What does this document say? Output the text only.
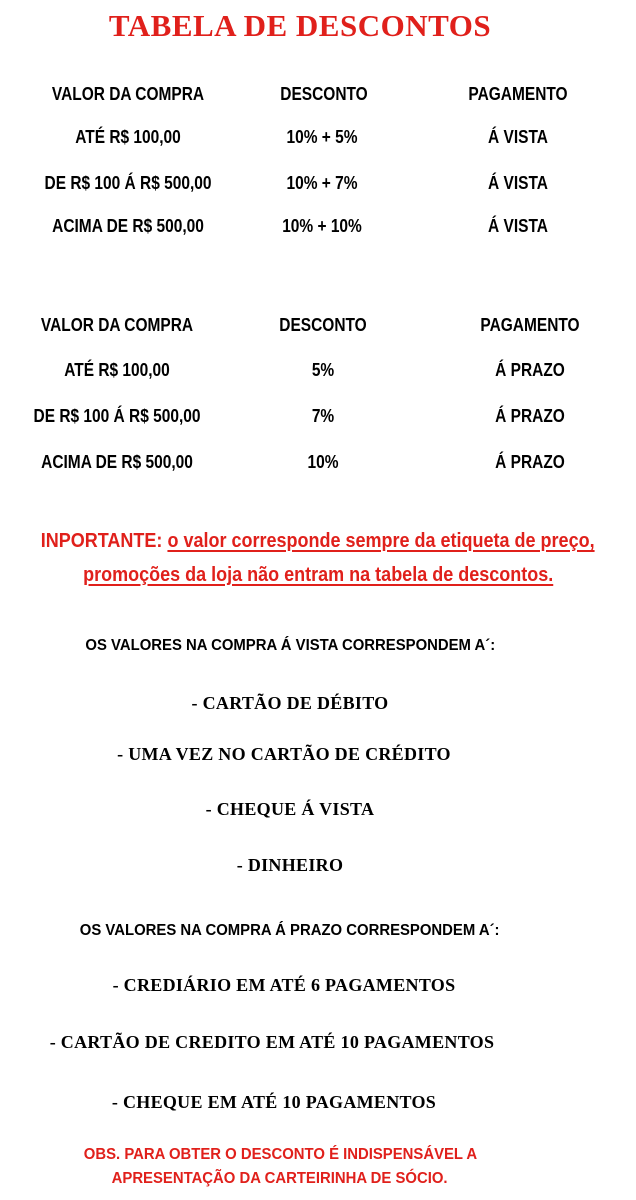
TABELA DE DESCONTOS
VALOR DA COMPRA	DESCONTO	PAGAMENTO
ATÉ R$ 100,00	10% + 5%	Á VISTA
DE R$ 100 Á R$ 500,00	10% + 7%	Á VISTA
ACIMA DE R$ 500,00	10% + 10%	Á VISTA
VALOR DA COMPRA	DESCONTO	PAGAMENTO
ATÉ R$ 100,00	5%	Á PRAZO
DE R$ 100 Á R$ 500,00	7%	Á PRAZO
ACIMA DE R$ 500,00	10%	Á PRAZO
INPORTANTE: o valor corresponde sempre da etiqueta de preço,
promoções da loja não entram na tabela de descontos.
OS VALORES NA COMPRA Á VISTA CORRESPONDEM A´:
- CARTÃO DE DÉBITO
- UMA VEZ NO CARTÃO DE CRÉDITO
- CHEQUE Á VISTA
- DINHEIRO
OS VALORES NA COMPRA Á PRAZO CORRESPONDEM A´:
- CREDIÁRIO EM ATÉ 6 PAGAMENTOS
- CARTÃO DE CREDITO EM ATÉ 10 PAGAMENTOS
- CHEQUE EM ATÉ 10 PAGAMENTOS
OBS. PARA OBTER O DESCONTO É INDISPENSÁVEL A
APRESENTAÇÃO DA CARTEIRINHA DE SÓCIO.
